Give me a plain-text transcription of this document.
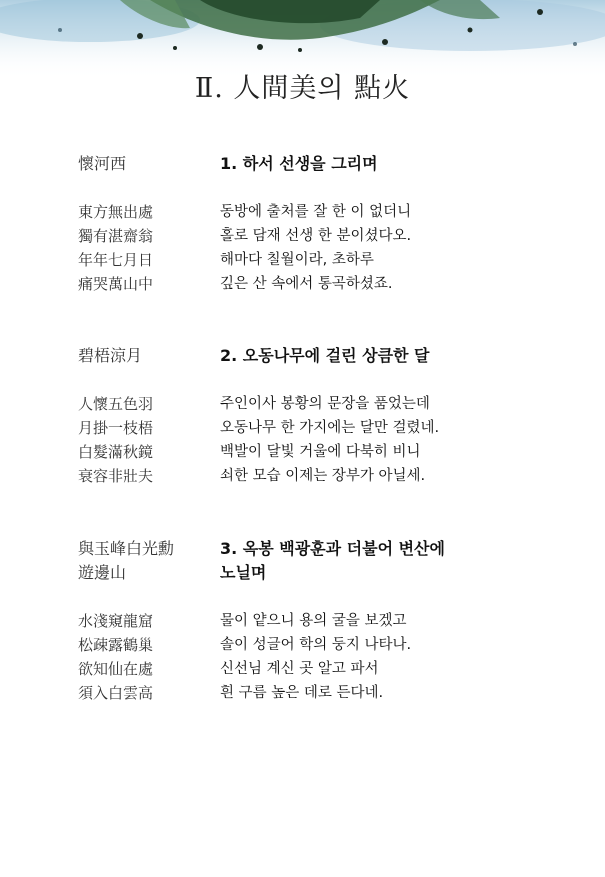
Ⅱ. 人間美의 點火
懷河西	1. 하서 선생을 그리며
東方無出處	동방에 출처를 잘 한 이 없더니
獨有湛齋翁	홀로 담재 선생 한 분이셨다오.
年年七月日	해마다 칠월이라, 초하루
痛哭萬山中	깊은 산 속에서 통곡하셨죠.
碧梧涼月	2. 오동나무에 걸린 상큼한 달
人懷五色羽	주인이사 봉황의 문장을 품었는데
月掛一枝梧	오동나무 한 가지에는 달만 걸렸네.
白髮滿秋鏡	백발이 달빛 거울에 다북히 비니
衰容非壯夫	쇠한 모습 이제는 장부가 아닐세.
與玉峰白光勳	3. 옥봉 백광훈과 더불어 변산에
遊邊山	노닐며
水淺窺龍窟	물이 얕으니 용의 굴을 보겠고
松疎露鶴巢	솔이 성글어 학의 둥지 나타나.
欲知仙在處	신선님 계신 곳 알고 파서
須入白雲高	흰 구름 높은 데로 든다네.
